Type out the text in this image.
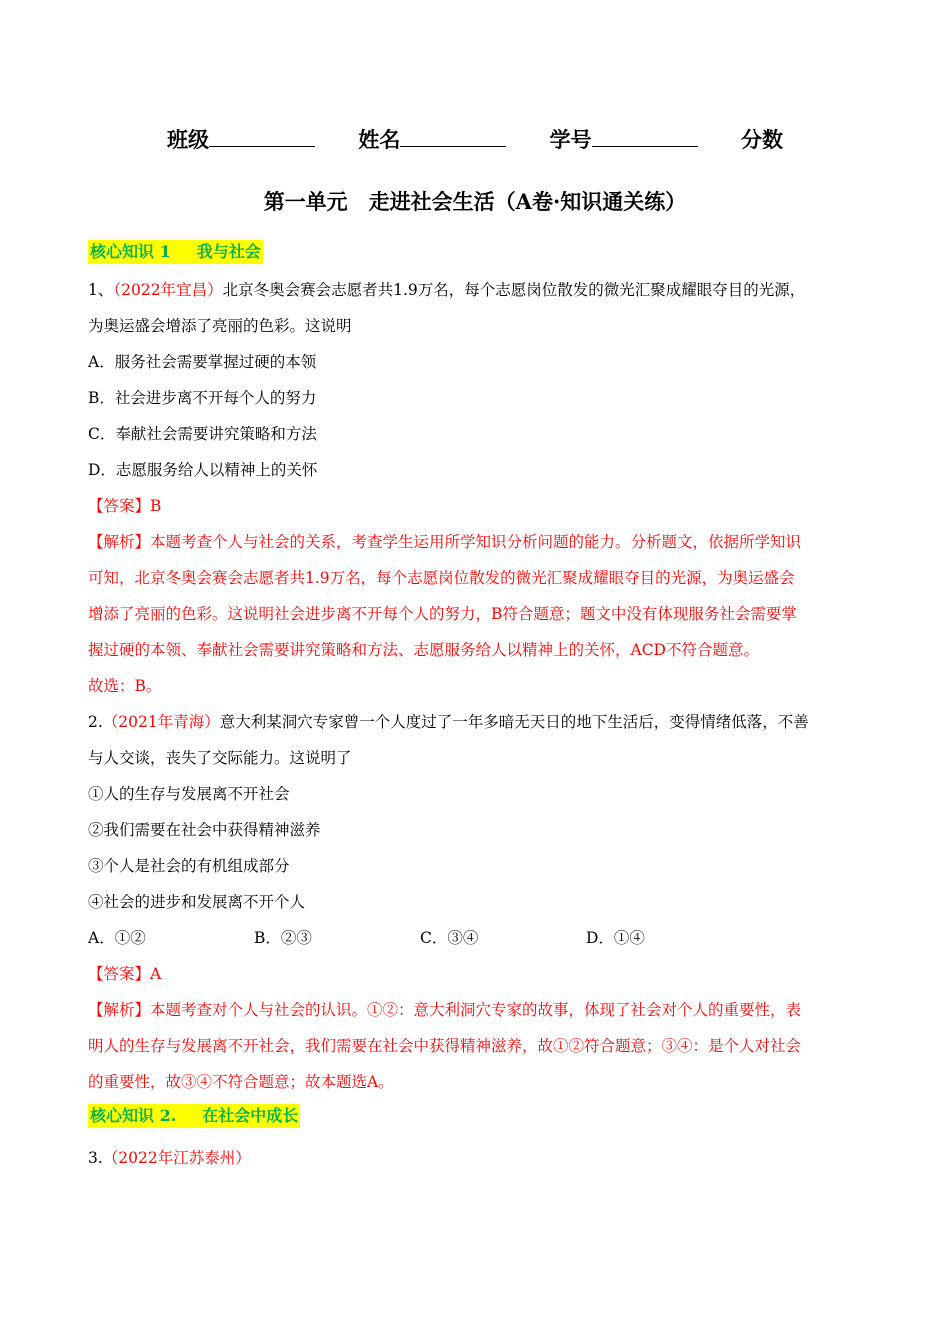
班级	姓名	学号	分数
第一单元　走进社会生活（A卷·知识通关练）
核心知识 1 我与社会
1、（2022年宜昌）北京冬奥会赛会志愿者共1.9万名，每个志愿岗位散发的微光汇聚成耀眼夺目的光源，
为奥运盛会增添了亮丽的色彩。这说明
A．服务社会需要掌握过硬的本领
B．社会进步离不开每个人的努力
C．奉献社会需要讲究策略和方法
D．志愿服务给人以精神上的关怀
【答案】B
【解析】本题考查个人与社会的关系，考查学生运用所学知识分析问题的能力。分析题文，依据所学知识
可知，北京冬奥会赛会志愿者共1.9万名，每个志愿岗位散发的微光汇聚成耀眼夺目的光源，为奥运盛会
增添了亮丽的色彩。这说明社会进步离不开每个人的努力，B符合题意；题文中没有体现服务社会需要掌
握过硬的本领、奉献社会需要讲究策略和方法、志愿服务给人以精神上的关怀，ACD不符合题意。
故选：B。
2.（2021年青海）意大利某洞穴专家曾一个人度过了一年多暗无天日的地下生活后，变得情绪低落，不善
与人交谈，丧失了交际能力。这说明了
①人的生存与发展离不开社会
②我们需要在社会中获得精神滋养
③个人是社会的有机组成部分
④社会的进步和发展离不开个人
A．①②	B．②③	C．③④	D．①④
【答案】A
【解析】本题考查对个人与社会的认识。①②：意大利洞穴专家的故事，体现了社会对个人的重要性，表
明人的生存与发展离不开社会，我们需要在社会中获得精神滋养，故①②符合题意；③④：是个人对社会
的重要性，故③④不符合题意；故本题选A。
核心知识 2. 在社会中成长
3.（2022年江苏泰州）
